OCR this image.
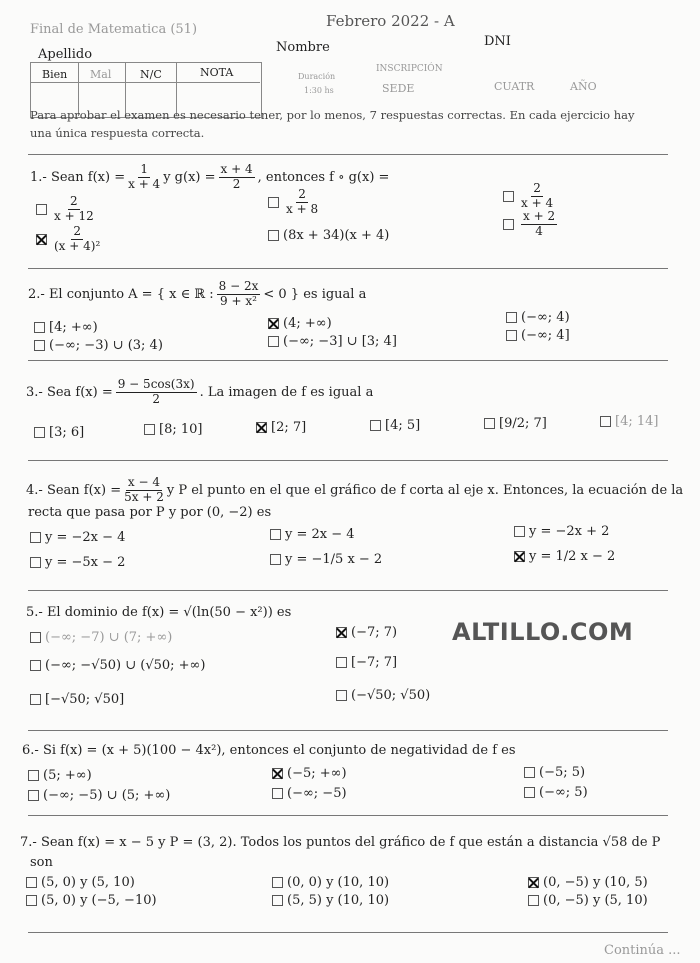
Final de Matematica (51)	Febrero 2022 - A
Apellido	Nombre	DNI
Bien Mal	N/C	NOTA	Duración
1:30 hs
INSCRIPCIÓN
SEDE	CUATR	AÑO
Para aprobar el examen es necesario tener, por lo menos, 7 respuestas correctas. En cada ejercicio hay una única respuesta correcta.
1.- Sean $f(x) = \frac{1}{x + 4}$ y $g(x) = \frac{x + 4}{2}$ , entonces f ∘ g(x) =
$\frac{2}{x + 12}$
$\frac{2}{\text{(x + 4)²}}$
$\frac{2}{x + 8}$
(8x + 34)(x + 4)
$\frac{2}{x + 4}$
$\frac{x + 2}{4}$
2.- El conjunto A = { x ∈ ℝ : $\frac{8 - 2x}{\text{9 + x²}} < 0$ } es igual a
[4; +∞)
(−∞; −3) ∪ (3; 4)
(4; +∞)
(−∞; −3] ∪ [3; 4]
(−∞; 4)
(−∞; 4]
3.- Sea $f(x) = \frac{9 - 5\cos(3x)}{2}$ . La imagen de f es igual a
[3; 6]	[8; 10]	[2; 7]	[4; 5]	[9/2; 7]	[4; 14]
4.- Sean $f(x) = \frac{x - 4}{5x + 2}$ y P el punto en el que el gráfico de f corta al eje x. Entonces, la ecuación de la
recta que pasa por P y por (0, −2) es
y = −2x − 4
y = −5x − 2
y = 2x − 4
y = −1/5 x − 2
y = −2x + 2
y = 1/2 x − 2
5.- El dominio de f(x) = √(ln(50 − x²)) es
(−∞; −7) ∪ (7; +∞)
(−∞; −√50) ∪ (√50; +∞)
[−√50; √50]
(−7; 7)
[−7; 7]
(−√50; √50)
ALTILLO.COM
6.- Si f(x) = (x + 5)(100 − 4x²), entonces el conjunto de negatividad de f es
(5; +∞)
(−∞; −5) ∪ (5; +∞)
(−5; +∞)
(−∞; −5)
(−5; 5)
(−∞; 5)
7.- Sean f(x) = x − 5 y P = (3, 2). Todos los puntos del gráfico de f que están a distancia √58 de P
son
(5, 0) y (5, 10)
(5, 0) y (−5, −10)
(0, 0) y (10, 10)
(5, 5) y (10, 10)
(0, −5) y (10, 5)
(0, −5) y (5, 10)
Continúa ...
